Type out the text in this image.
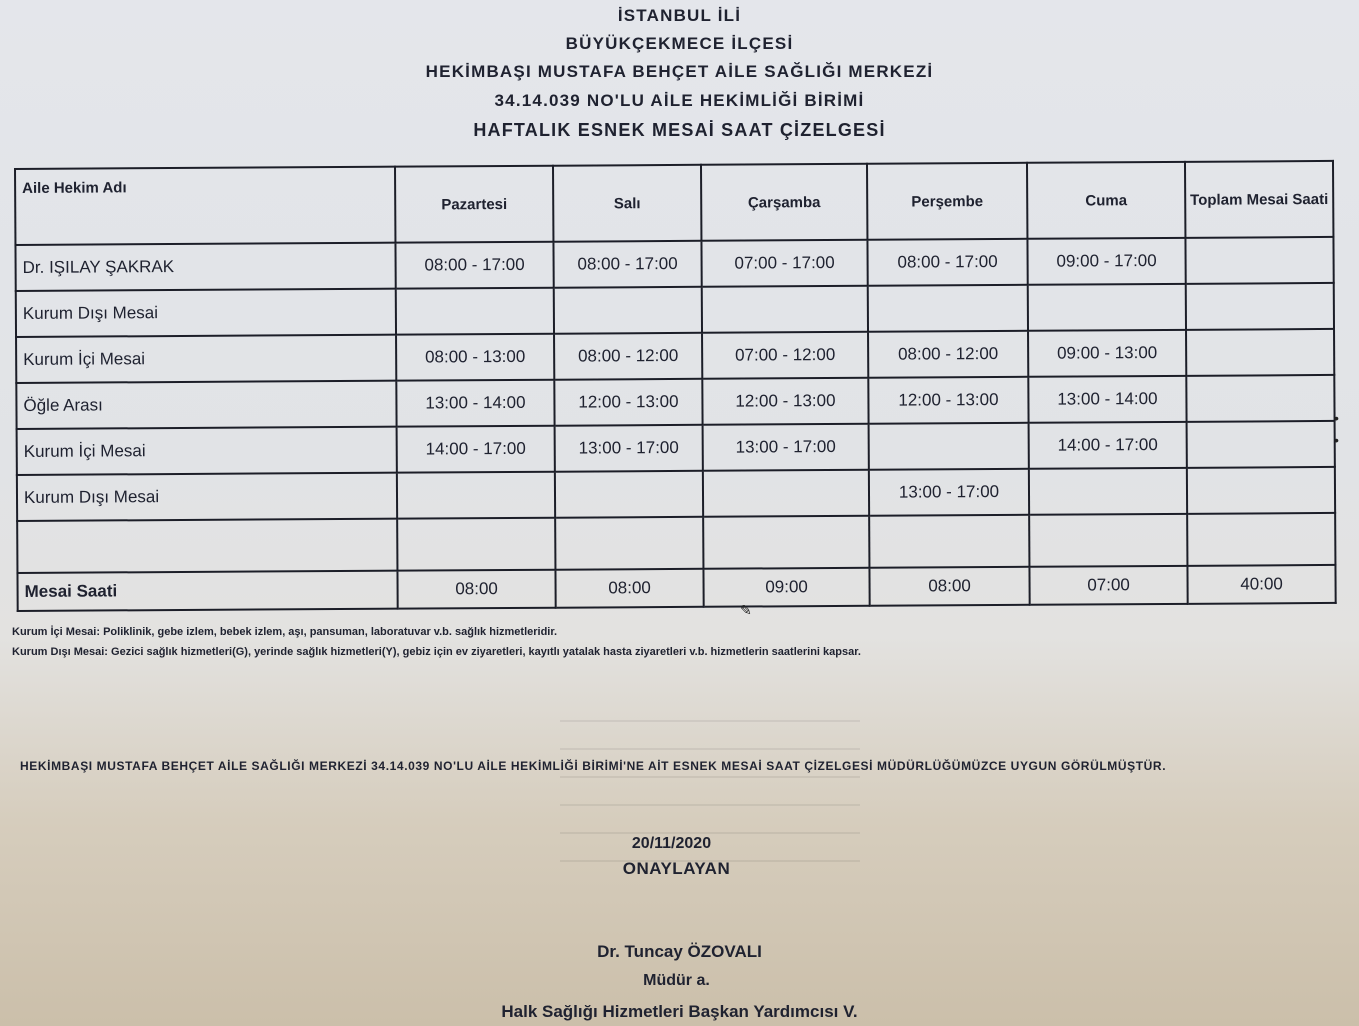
İSTANBUL İLİ
BÜYÜKÇEKMECE İLÇESİ
HEKİMBAŞI MUSTAFA BEHÇET AİLE SAĞLIĞI MERKEZİ
34.14.039 NO'LU AİLE HEKİMLİĞİ BİRİMİ
HAFTALIK ESNEK MESAİ SAAT ÇİZELGESİ
Aile Hekim Adı	Pazartesi	Salı	Çarşamba	Perşembe	Cuma	Toplam Mesai Saati
Dr. IŞILAY ŞAKRAK	08:00 - 17:00	08:00 - 17:00	07:00 - 17:00	08:00 - 17:00	09:00 - 17:00	
Kurum Dışı Mesai						
Kurum İçi Mesai	08:00 - 13:00	08:00 - 12:00	07:00 - 12:00	08:00 - 12:00	09:00 - 13:00	
Öğle Arası	13:00 - 14:00	12:00 - 13:00	12:00 - 13:00	12:00 - 13:00	13:00 - 14:00	
Kurum İçi Mesai	14:00 - 17:00	13:00 - 17:00	13:00 - 17:00		14:00 - 17:00	
Kurum Dışı Mesai				13:00 - 17:00		

Mesai Saati	08:00	08:00	09:00	08:00	07:00	40:00
•
•
✎
Kurum İçi Mesai: Poliklinik, gebe izlem, bebek izlem, aşı, pansuman, laboratuvar v.b. sağlık hizmetleridir.
Kurum Dışı Mesai: Gezici sağlık hizmetleri(G), yerinde sağlık hizmetleri(Y), gebiz için ev ziyaretleri, kayıtlı yatalak hasta ziyaretleri v.b. hizmetlerin saatlerini kapsar.
HEKİMBAŞI MUSTAFA BEHÇET AİLE SAĞLIĞI MERKEZİ 34.14.039 NO'LU AİLE HEKİMLİĞİ BİRİMİ'NE AİT ESNEK MESAİ SAAT ÇİZELGESİ MÜDÜRLÜĞÜMÜZCE UYGUN GÖRÜLMÜŞTÜR.
20/11/2020
ONAYLAYAN
Dr. Tuncay ÖZOVALI
Müdür a.
Halk Sağlığı Hizmetleri Başkan Yardımcısı V.
